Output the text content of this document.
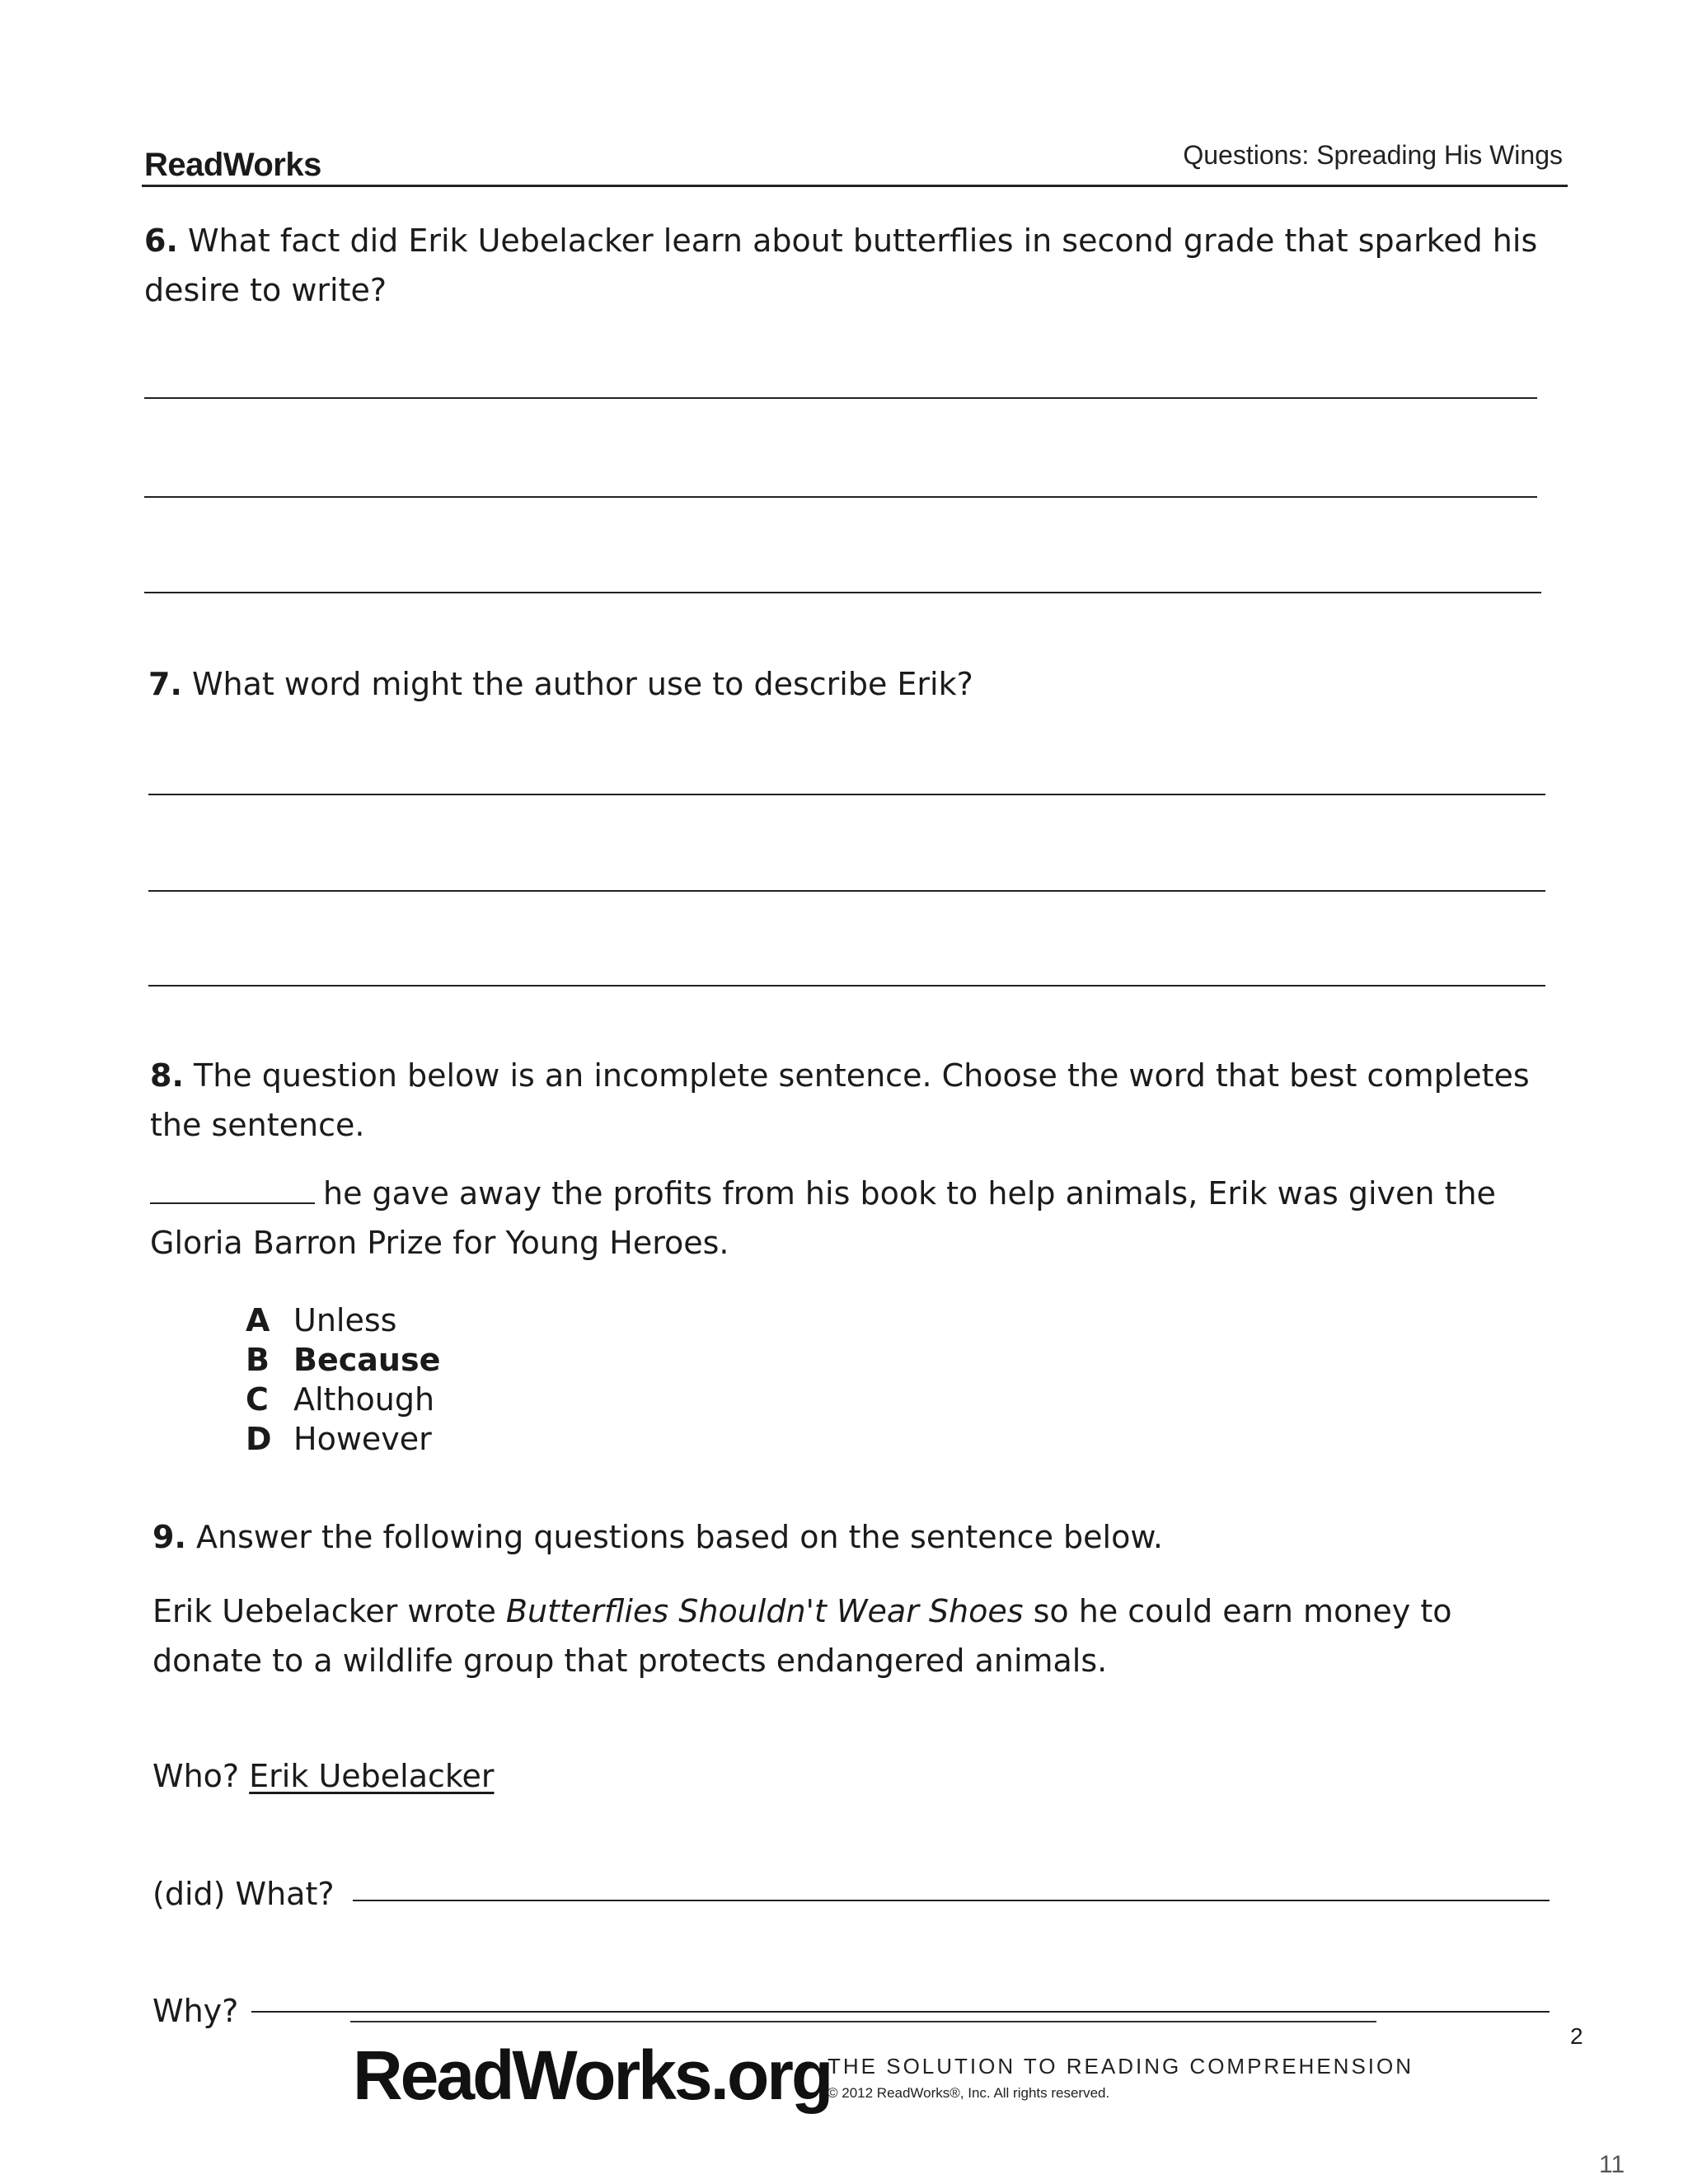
ReadWorks	Questions: Spreading His Wings
6. What fact did Erik Uebelacker learn about butterflies in second grade that sparked his desire to write?
7. What word might the author use to describe Erik?
8. The question below is an incomplete sentence. Choose the word that best completes the sentence.
he gave away the profits from his book to help animals, Erik was given the Gloria Barron Prize for Young Heroes.
A Unless
B Because
C Although
D However
9. Answer the following questions based on the sentence below.
Erik Uebelacker wrote Butterflies Shouldn't Wear Shoes so he could earn money to donate to a wildlife group that protects endangered animals.
Who? Erik Uebelacker
(did) What?
Why?
ReadWorks.org
THE SOLUTION TO READING COMPREHENSION
© 2012 ReadWorks®, Inc. All rights reserved.
2
11
